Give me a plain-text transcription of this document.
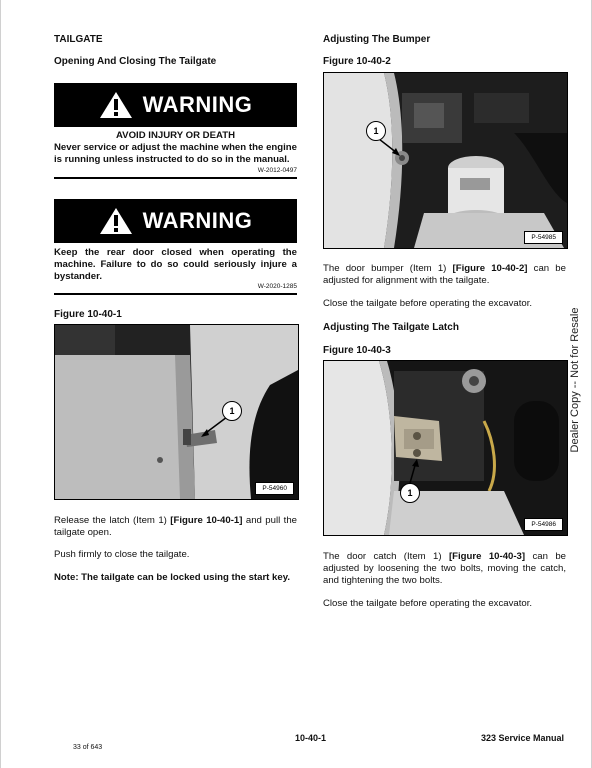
TAILGATE
Opening And Closing The Tailgate
WARNING
AVOID INJURY OR DEATH
Never service or adjust the machine when the engine is running unless instructed to do so in the manual.
W-2012-0497
WARNING
Keep the rear door closed when operating the machine. Failure to do so could seriously injure a bystander.
W-2020-1285
Figure 10-40-1
1
P-54960
Release the latch (Item 1) [Figure 10-40-1] and pull the tailgate open.
Push firmly to close the tailgate.
Note: The tailgate can be locked using the start key.
Adjusting The Bumper
Figure 10-40-2
1
P-54985
The door bumper (Item 1) [Figure 10-40-2] can be adjusted for alignment with the tailgate.
Close the tailgate before operating the excavator.
Adjusting The Tailgate Latch
Figure 10-40-3
1
P-54986
The door catch (Item 1) [Figure 10-40-3] can be adjusted by loosening the two bolts, moving the catch, and tightening the two bolts.
Close the tailgate before operating the excavator.
Dealer Copy -- Not for Resale
10-40-1	323 Service Manual
33 of 643
